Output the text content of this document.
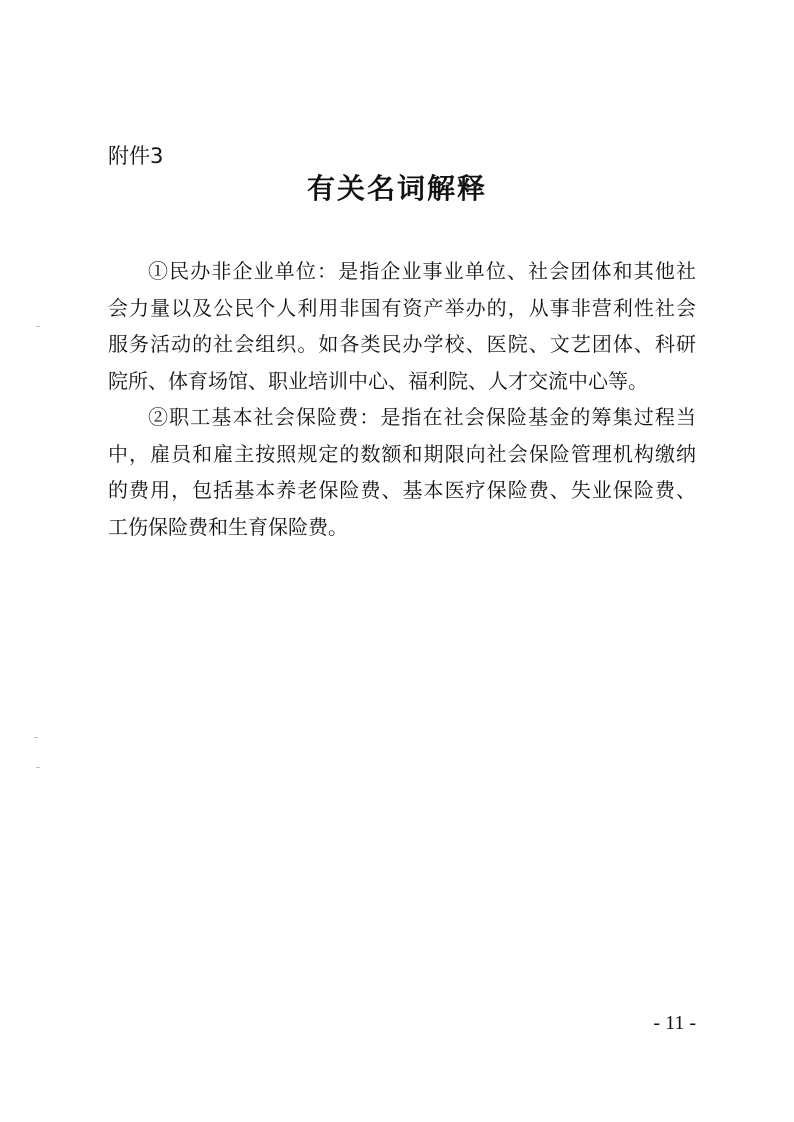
附件3
有关名词解释
①民办非企业单位：是指企业事业单位、社会团体和其他社
会力量以及公民个人利用非国有资产举办的，从事非营利性社会
服务活动的社会组织。如各类民办学校、医院、文艺团体、科研
院所、体育场馆、职业培训中心、福利院、人才交流中心等。
②职工基本社会保险费：是指在社会保险基金的筹集过程当
中，雇员和雇主按照规定的数额和期限向社会保险管理机构缴纳
的费用，包括基本养老保险费、基本医疗保险费、失业保险费、
工伤保险费和生育保险费。
- 11 -
